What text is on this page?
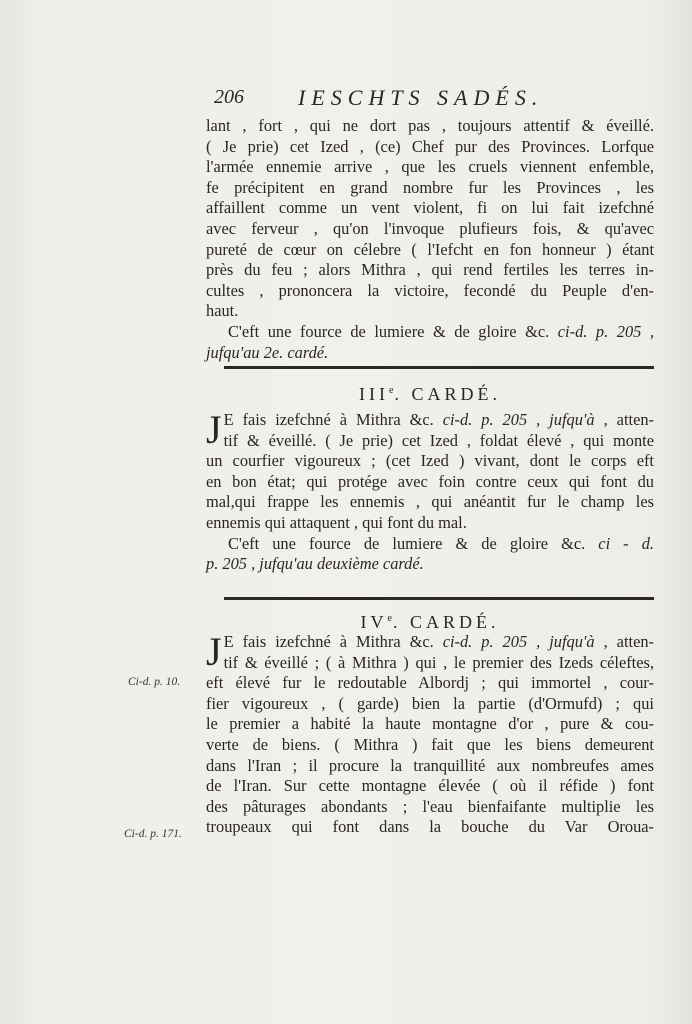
206 IESCHTS SADÉS.
lant , fort , qui ne dort pas , toujours attentif & éveillé.
( Je prie) cet Ized , (ce) Chef pur des Provinces. Lorfque
l'armée ennemie arrive , que les cruels viennent enfemble,
fe précipitent en grand nombre fur les Provinces , les
affaillent comme un vent violent, fi on lui fait izefchné
avec ferveur , qu'on l'invoque plufieurs fois, & qu'avec
pureté de cœur on célebre ( l'Iefcht en fon honneur ) étant
près du feu ; alors Mithra , qui rend fertiles les terres in-
cultes , prononcera la victoire, fecondé du Peuple d'en-
haut.
C'eft une fource de lumiere & de gloire &c. ci-d. p. 205 ,
jufqu'au 2e. cardé.
IIIe. CARDÉ.
J E fais izefchné à Mithra &c. ci-d. p. 205 , jufqu'à , atten-
tif & éveillé. ( Je prie) cet Ized , foldat élevé , qui monte
un courfier vigoureux ; (cet Ized ) vivant, dont le corps eft
en bon état; qui protége avec foin contre ceux qui font du
mal,qui frappe les ennemis , qui anéantit fur le champ les
ennemis qui attaquent , qui font du mal.
C'eft une fource de lumiere & de gloire &c. ci - d.
p. 205 , jufqu'au deuxième cardé.
IVe. CARDÉ.
J E fais izefchné à Mithra &c. ci-d. p. 205 , jufqu'à , atten-
tif & éveillé ; ( à Mithra ) qui , le premier des Izeds céleftes,
eft élevé fur le redoutable Albordj ; qui immortel , cour-
fier vigoureux , ( garde) bien la partie (d'Ormufd) ; qui
le premier a habité la haute montagne d'or , pure & cou-
verte de biens. ( Mithra ) fait que les biens demeurent
dans l'Iran ; il procure la tranquillité aux nombreufes ames
de l'Iran. Sur cette montagne élevée ( où il réfide ) font
des pâturages abondants ; l'eau bienfaifante multiplie les
troupeaux qui font dans la bouche du Var Oroua-
Ci-d. p. 10.
Ci-d. p. 171.
